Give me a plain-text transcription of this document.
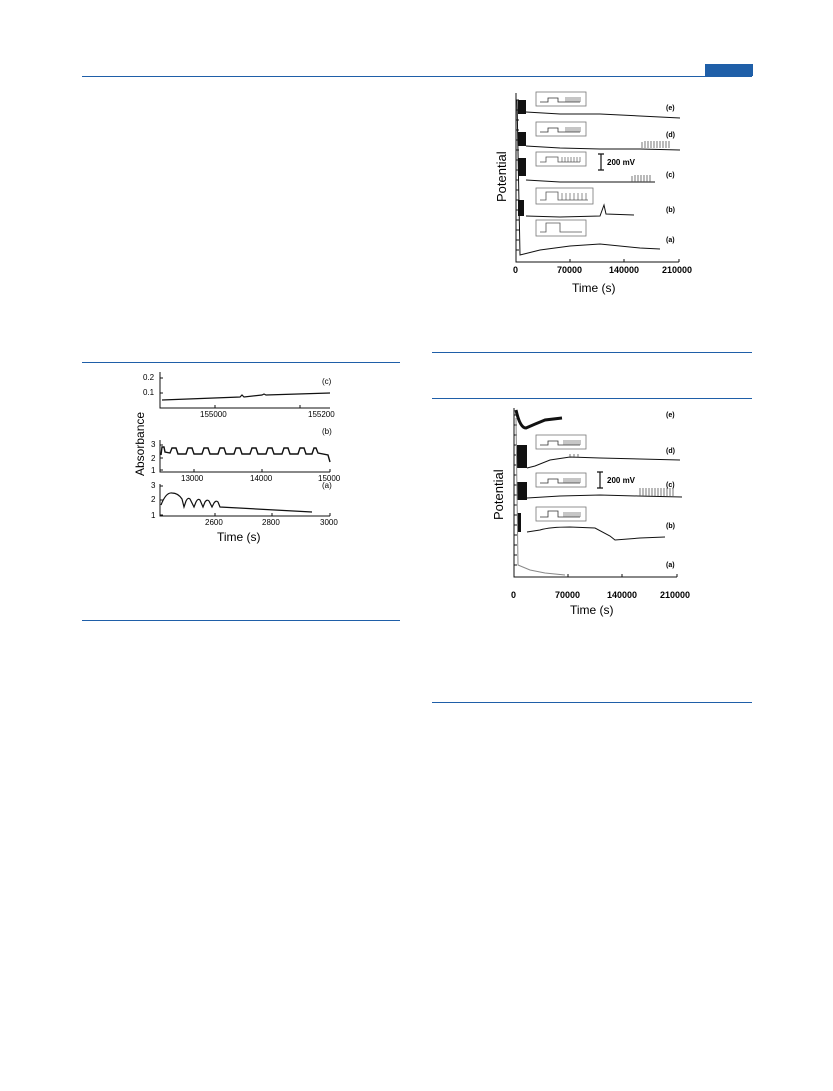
(c)
0.2
0.1
155000	155200
(b)
3
2
1
13000	14000	15000
(a)
3
2
1
2600	2800	3000
Absorbance
Time (s)
200 mV
(e)
(d)
(c)
(b)
(a)
0	70000	140000	210000
Potential
Time (s)
200 mV
(e)
(d)
(c)
(b)
(a)
0	70000	140000	210000
Potential
Time (s)
